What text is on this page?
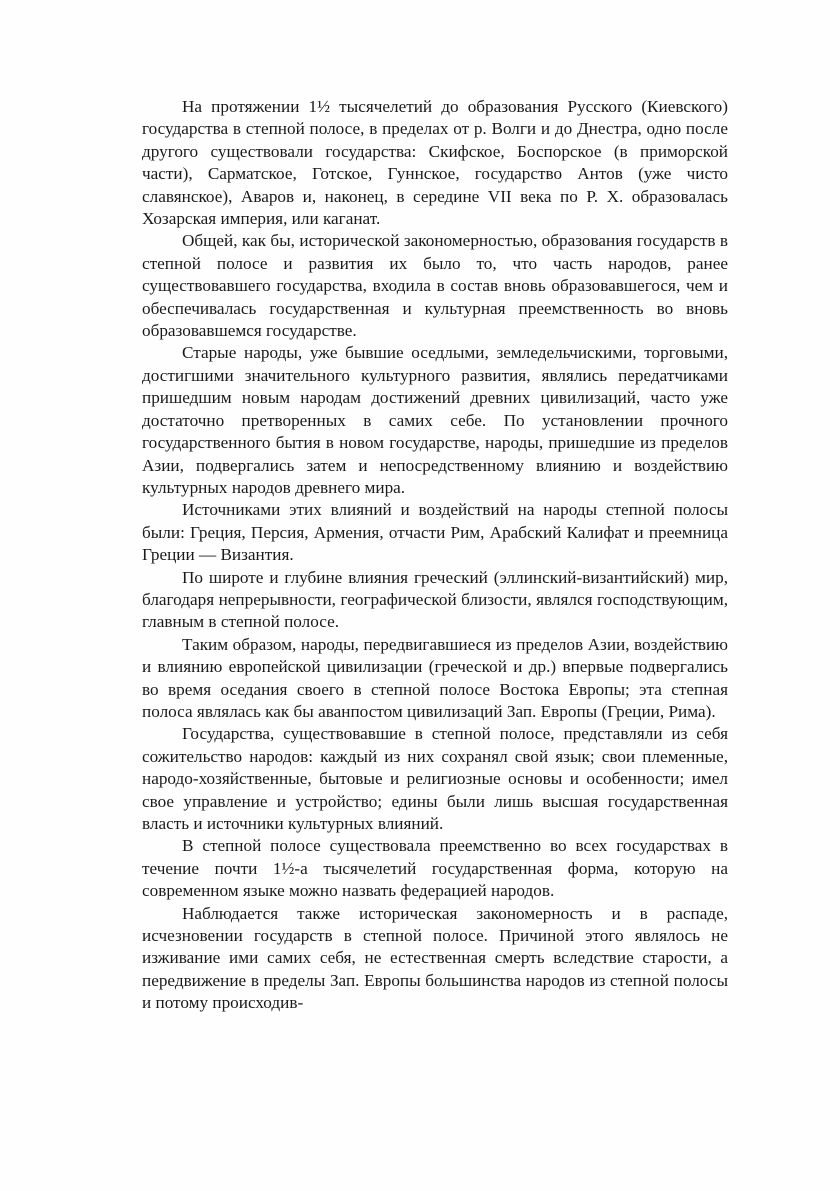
На протяжении 1½ тысячелетий до образования Русского (Киевского) государства в степной полосе, в пределах от р. Волги и до Днестра, одно после другого существовали государства: Скифское, Боспорское (в приморской части), Сарматское, Готское, Гуннское, государство Антов (уже чисто славянское), Аваров и, наконец, в середине VII века по Р. Х. образовалась Хозарская империя, или каганат.

Общей, как бы, исторической закономерностью, образования государств в степной полосе и развития их было то, что часть народов, ранее существовавшего государства, входила в состав вновь образовавшегося, чем и обеспечивалась государственная и культурная преемственность во вновь образовавшемся государстве.

Старые народы, уже бывшие оседлыми, земледельчискими, торговыми, достигшими значительного культурного развития, являлись передатчиками пришедшим новым народам достижений древних цивилизаций, часто уже достаточно претворенных в самих себе. По установлении прочного государственного бытия в новом государстве, народы, пришедшие из пределов Азии, подвергались затем и непосредственному влиянию и воздействию культурных народов древнего мира.

Источниками этих влияний и воздействий на народы степной полосы были: Греция, Персия, Армения, отчасти Рим, Арабский Калифат и преемница Греции — Византия.

По широте и глубине влияния греческий (эллинский-византийский) мир, благодаря непрерывности, географической близости, являлся господствующим, главным в степной полосе.

Таким образом, народы, передвигавшиеся из пределов Азии, воздействию и влиянию европейской цивилизации (греческой и др.) впервые подвергались во время оседания своего в степной полосе Востока Европы; эта степная полоса являлась как бы аванпостом цивилизаций Зап. Европы (Греции, Рима).

Государства, существовавшие в степной полосе, представляли из себя сожительство народов: каждый из них сохранял свой язык; свои племенные, народо-хозяйственные, бытовые и религиозные основы и особенности; имел свое управление и устройство; едины были лишь высшая государственная власть и источники культурных влияний.

В степной полосе существовала преемственно во всех государствах в течение почти 1½-а тысячелетий государственная форма, которую на современном языке можно назвать федерацией народов.

Наблюдается также историческая закономерность и в распаде, исчезновении государств в степной полосе. Причиной этого являлось не изживание ими самих себя, не естественная смерть вследствие старости, а передвижение в пределы Зап. Европы большинства народов из степной полосы и потому происходив-
